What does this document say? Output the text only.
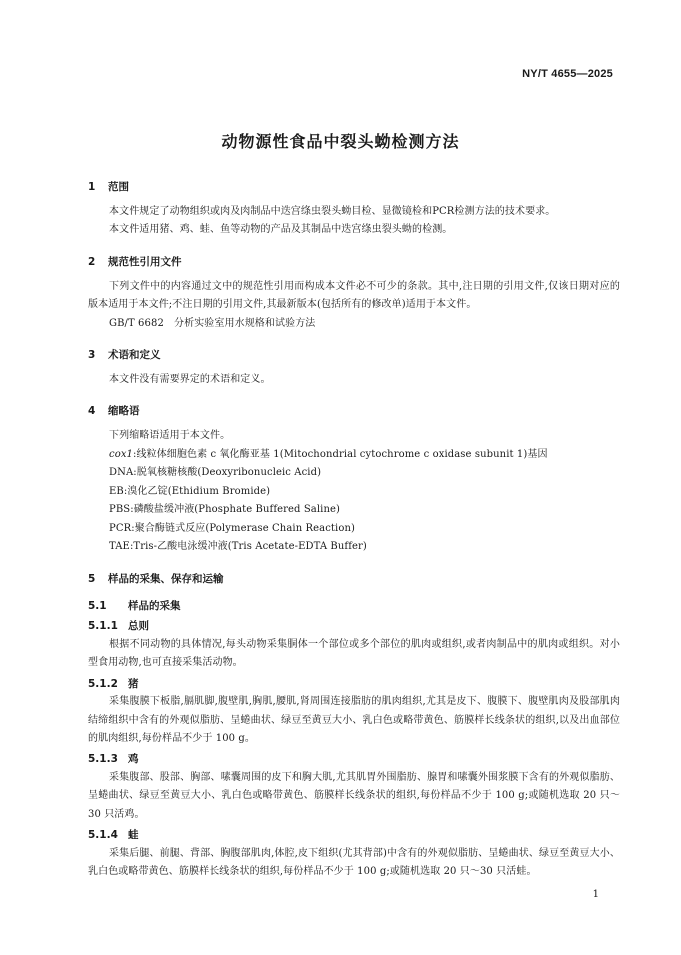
NY/T 4655—2025
动物源性食品中裂头蚴检测方法
1	范围

本文件规定了动物组织或肉及肉制品中迭宫绦虫裂头蚴目检、显微镜检和PCR检测方法的技术要求。

本文件适用猪、鸡、蛙、鱼等动物的产品及其制品中迭宫绦虫裂头蚴的检测。

2	规范性引用文件

下列文件中的内容通过文中的规范性引用而构成本文件必不可少的条款。其中,注日期的引用文件,仅该日期对应的版本适用于本文件;不注日期的引用文件,其最新版本(包括所有的修改单)适用于本文件。

GB/T 6682　分析实验室用水规格和试验方法

3	术语和定义

本文件没有需要界定的术语和定义。

4	缩略语

下列缩略语适用于本文件。

cox1:线粒体细胞色素 c 氧化酶亚基 1(Mitochondrial cytochrome c oxidase subunit 1)基因

DNA:脱氧核糖核酸(Deoxyribonucleic Acid)

EB:溴化乙锭(Ethidium Bromide)

PBS:磷酸盐缓冲液(Phosphate Buffered Saline)

PCR:聚合酶链式反应(Polymerase Chain Reaction)

TAE:Tris-乙酸电泳缓冲液(Tris Acetate-EDTA Buffer)

5	样品的采集、保存和运输
5.1	样品的采集
5.1.1 总则

根据不同动物的具体情况,每头动物采集胴体一个部位或多个部位的肌肉或组织,或者肉制品中的肌肉或组织。对小型食用动物,也可直接采集活动物。

5.1.2 猪

采集腹膜下板脂,膈肌脚,腹壁肌,胸肌,腰肌,肾周围连接脂肪的肌肉组织,尤其是皮下、腹膜下、腹壁肌肉及股部肌肉结缔组织中含有的外观似脂肪、呈蜷曲状、绿豆至黄豆大小、乳白色或略带黄色、筋膜样长线条状的组织,以及出血部位的肌肉组织,每份样品不少于 100 g。

5.1.3 鸡

采集腹部、股部、胸部、嗉囊周围的皮下和胸大肌,尤其肌胃外围脂肪、腺胃和嗉囊外围浆膜下含有的外观似脂肪、呈蜷曲状、绿豆至黄豆大小、乳白色或略带黄色、筋膜样长线条状的组织,每份样品不少于 100 g;或随机选取 20 只～30 只活鸡。

5.1.4 蛙

采集后腿、前腿、背部、胸腹部肌肉,体腔,皮下组织(尤其背部)中含有的外观似脂肪、呈蜷曲状、绿豆至黄豆大小、乳白色或略带黄色、筋膜样长线条状的组织,每份样品不少于 100 g;或随机选取 20 只～30 只活蛙。

1
